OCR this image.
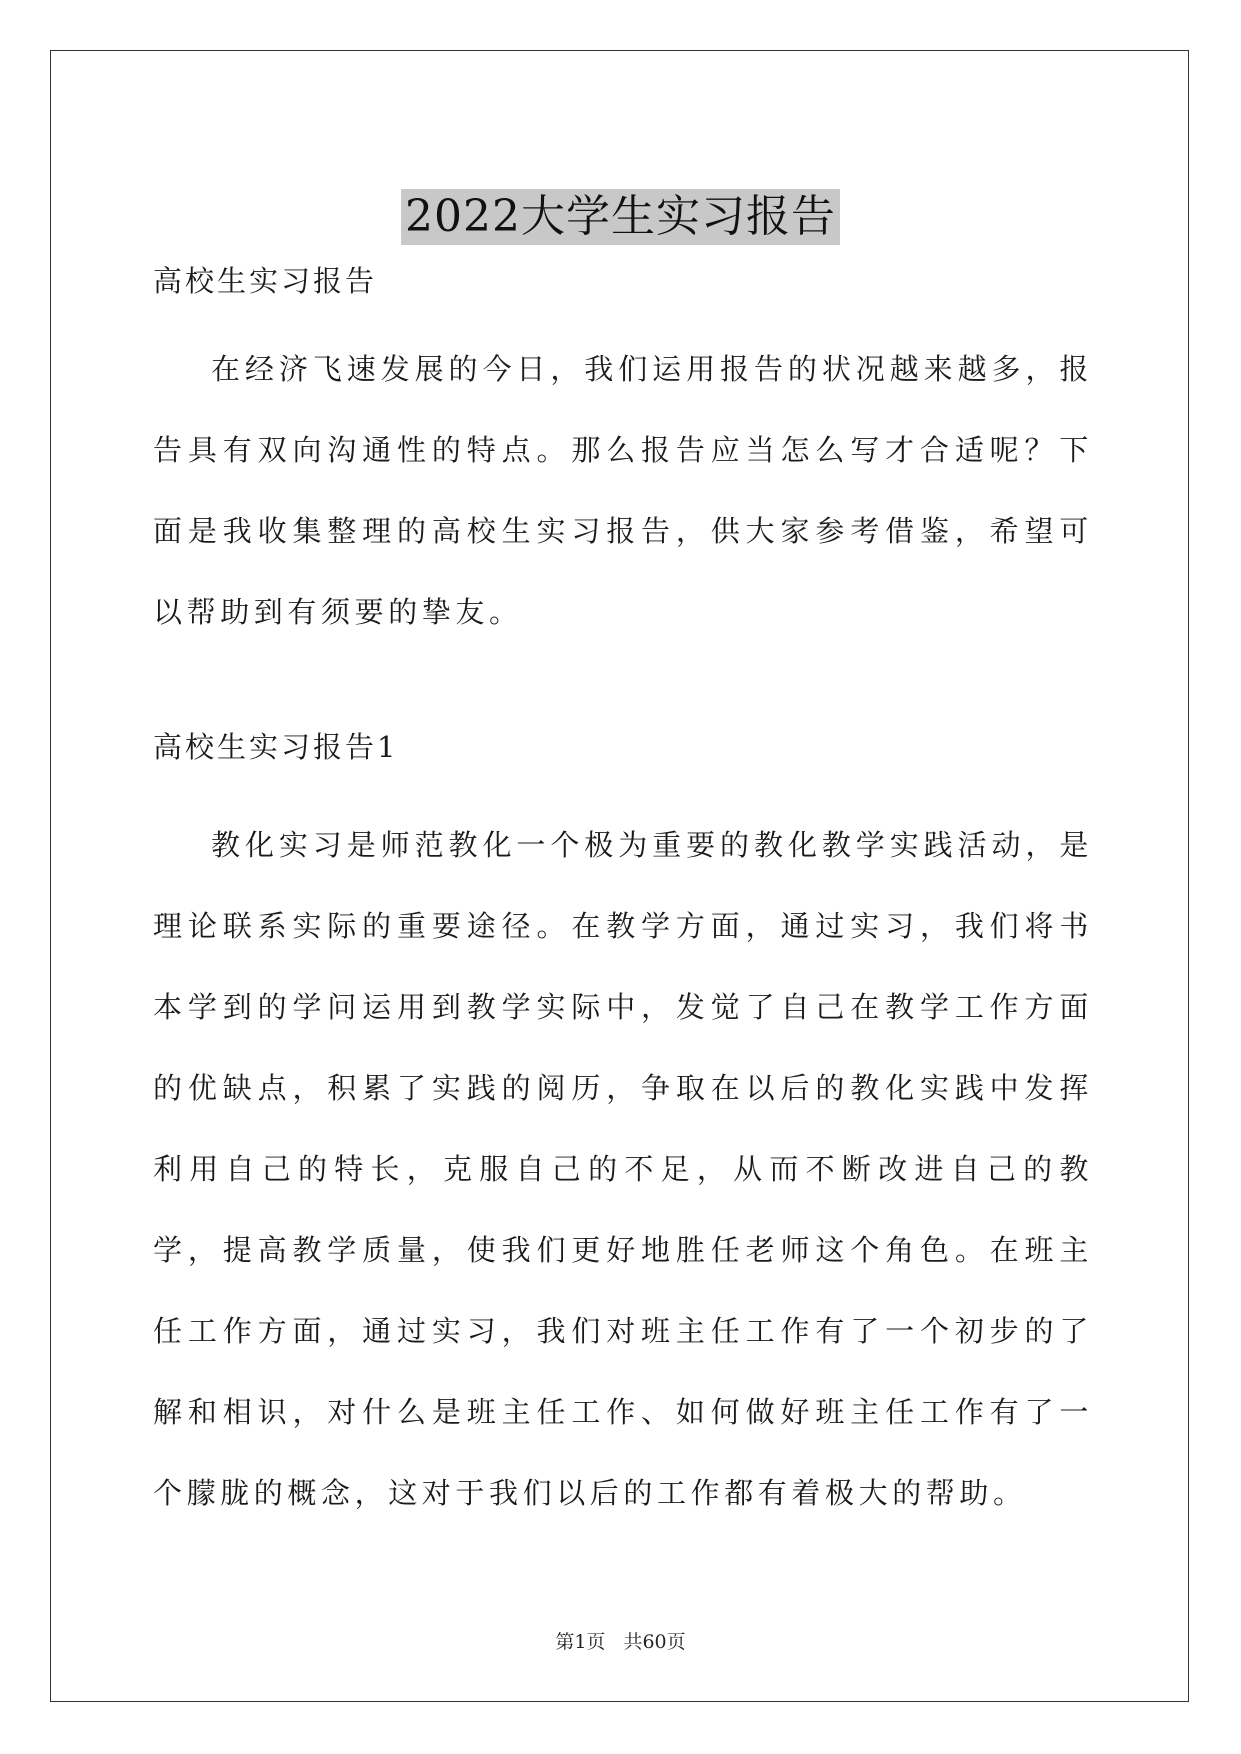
2022大学生实习报告

高校生实习报告

在经济飞速发展的今日，我们运用报告的状况越来越多，报告具有双向沟通性的特点。那么报告应当怎么写才合适呢？下面是我收集整理的高校生实习报告，供大家参考借鉴，希望可以帮助到有须要的挚友。

高校生实习报告1

教化实习是师范教化一个极为重要的教化教学实践活动，是理论联系实际的重要途径。在教学方面，通过实习，我们将书本学到的学问运用到教学实际中，发觉了自己在教学工作方面的优缺点，积累了实践的阅历，争取在以后的教化实践中发挥利用自己的特长，克服自己的不足，从而不断改进自己的教学，提高教学质量，使我们更好地胜任老师这个角色。在班主任工作方面，通过实习，我们对班主任工作有了一个初步的了解和相识，对什么是班主任工作、如何做好班主任工作有了一个朦胧的概念，这对于我们以后的工作都有着极大的帮助。

第1页 共60页
